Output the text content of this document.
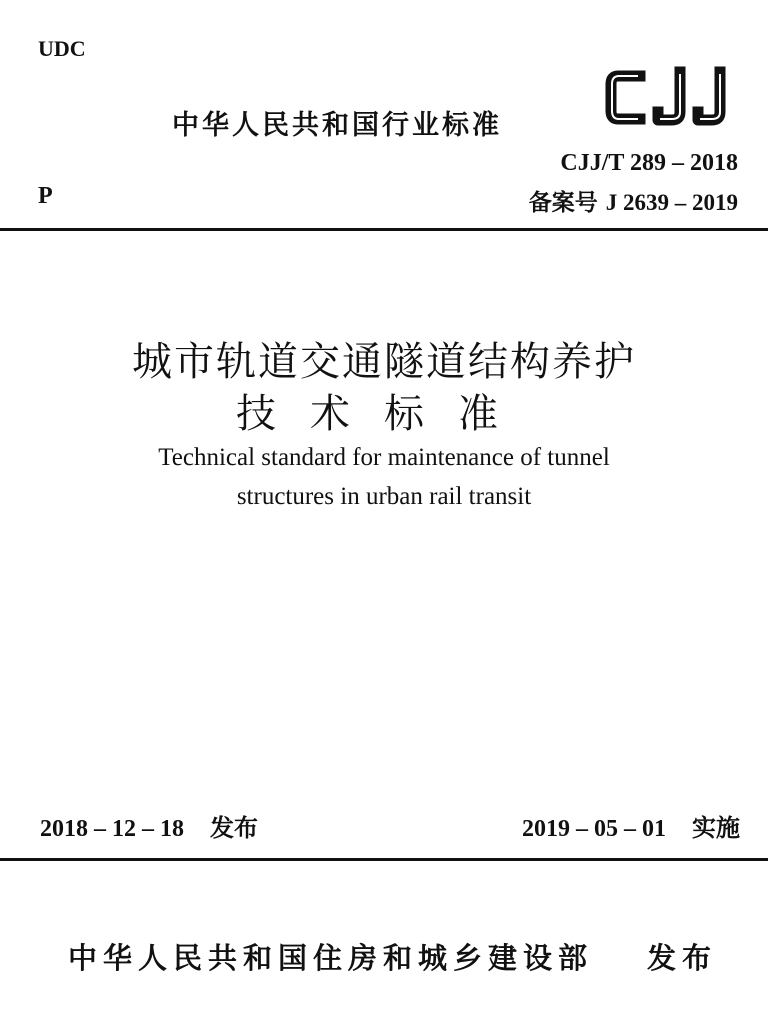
UDC
中华人民共和国行业标准
CJJ/T 289 – 2018
备案号 J 2639 – 2019
P
城市轨道交通隧道结构养护
技术标准
Technical standard for maintenance of tunnel
structures in urban rail transit
2018 – 12 – 18 发布	2019 – 05 – 01 实施
中华人民共和国住房和城乡建设部 发布
